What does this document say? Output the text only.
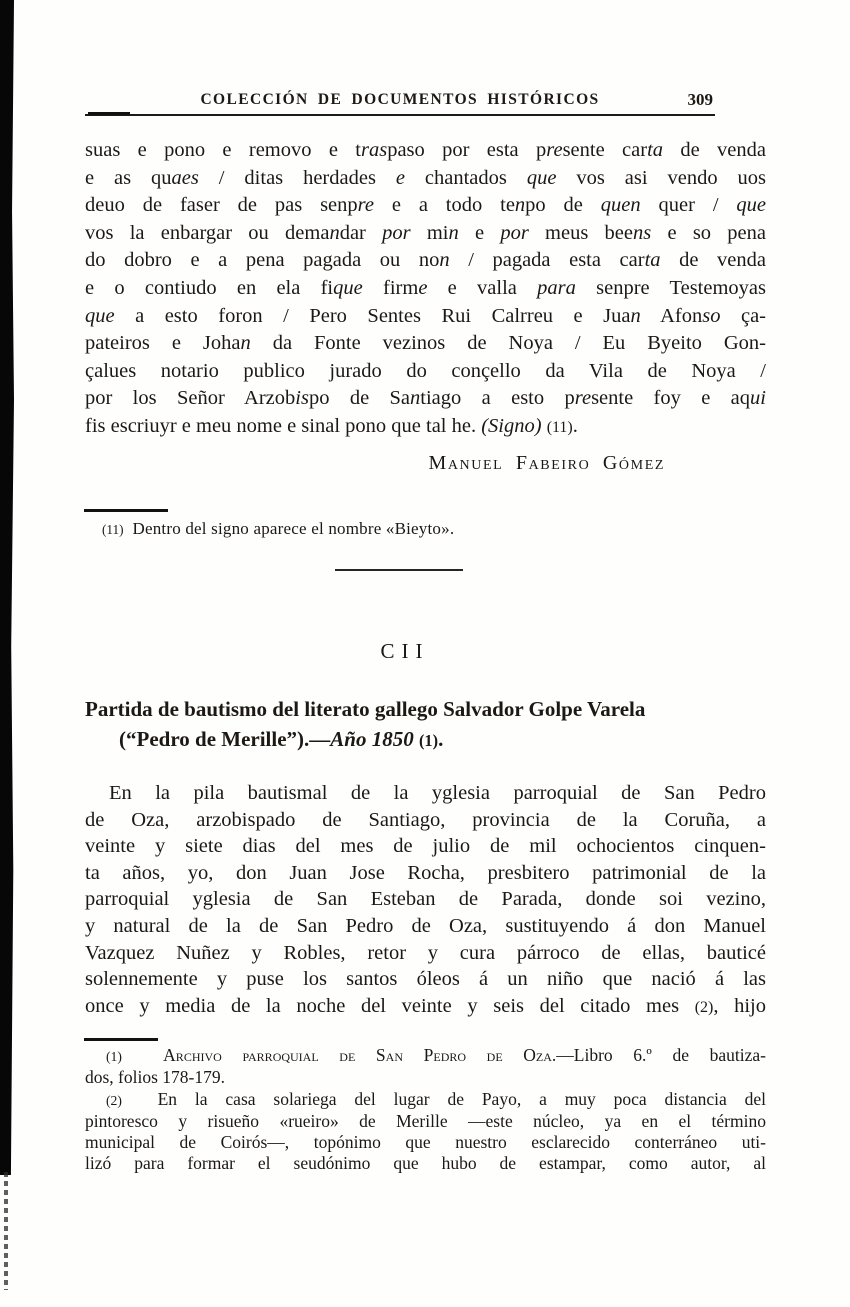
COLECCIÓN DE DOCUMENTOS HISTÓRICOS	309
suas e pono e removo e traspaso por esta presente carta de venda
e as quaes / ditas herdades e chantados que vos asi vendo uos
deuo de faser de pas senpre e a todo tenpo de quen quer / que
vos la enbargar ou demandar por min e por meus beens e so pena
do dobro e a pena pagada ou non / pagada esta carta de venda
e o contiudo en ela fique firme e valla para senpre Testemoyas
que a esto foron / Pero Sentes Rui Calrreu e Juan Afonso ça-
pateiros e Johan da Fonte vezinos de Noya / Eu Byeito Gon-
çalues notario publico jurado do conçello da Vila de Noya /
por los Señor Arzobispo de Santiago a esto presente foy e aqui
fis escriuyr e meu nome e sinal pono que tal he. (Signo) (11).
Manuel Fabeiro Gómez
(11)  Dentro del signo aparece el nombre «Bieyto».
CII
Partida de bautismo del literato gallego Salvador Golpe Varela
(“Pedro de Merille”).—Año 1850 (1).
En la pila bautismal de la yglesia parroquial de San Pedro
de Oza, arzobispado de Santiago, provincia de la Coruña, a
veinte y siete dias del mes de julio de mil ochocientos cinquen-
ta años, yo, don Juan Jose Rocha, presbitero patrimonial de la
parroquial yglesia de San Esteban de Parada, donde soi vezino,
y natural de la de San Pedro de Oza, sustituyendo á don Manuel
Vazquez Nuñez y Robles, retor y cura párroco de ellas, bauticé
solennemente y puse los santos óleos á un niño que nació á las
once y media de la noche del veinte y seis del citado mes (2), hijo
(1) Archivo parroquial de San Pedro de Oza.—Libro 6.º de bautiza-
dos, folios 178-179.
(2)  En la casa solariega del lugar de Payo, a muy poca distancia del
pintoresco y risueño «rueiro» de Merille —este núcleo, ya en el término
municipal de Coirós—, topónimo que nuestro esclarecido conterráneo uti-
lizó para formar el seudónimo que hubo de estampar, como autor, al
